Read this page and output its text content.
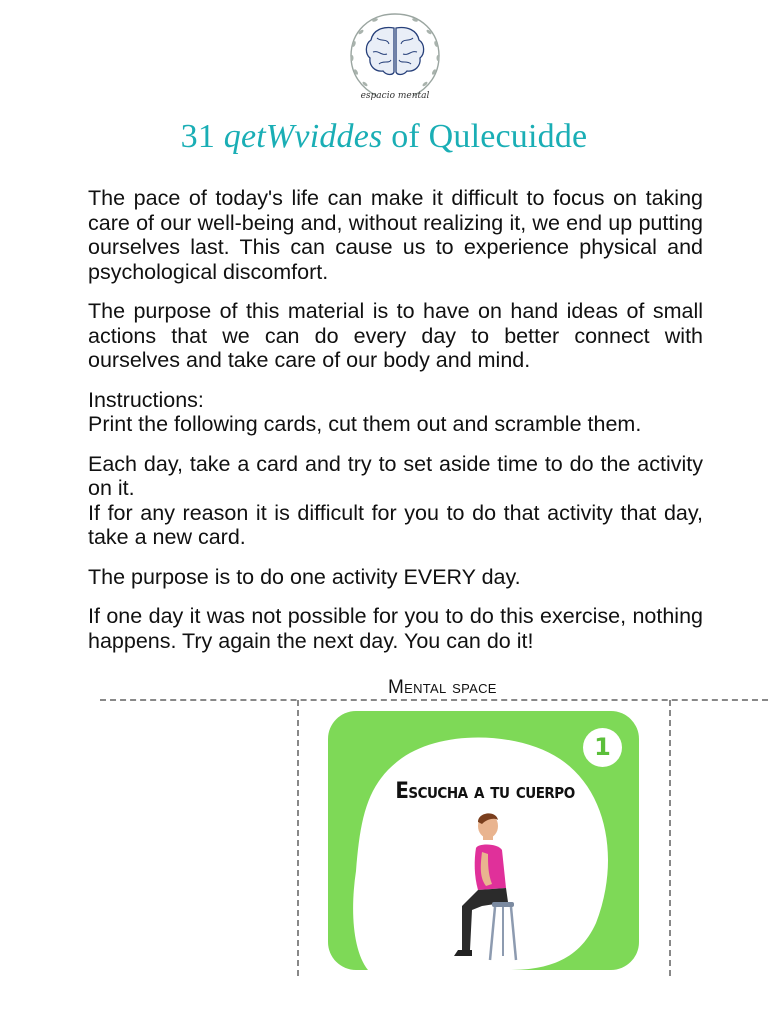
espacio mental
31 qetWviddes of Qulecuidde

The pace of today's life can make it difficult to focus on taking care of our well-being and, without realizing it, we end up putting ourselves last. This can cause us to experience physical and psychological discomfort.

The purpose of this material is to have on hand ideas of small actions that we can do every day to better connect with ourselves and take care of our body and mind.

Instructions:

Print the following cards, cut them out and scramble them.

Each day, take a card and try to set aside time to do the activity on it.

If for any reason it is difficult for you to do that activity that day, take a new card.

The purpose is to do one activity EVERY day.

If one day it was not possible for you to do this exercise, nothing happens. Try again the next day. You can do it!

Mental space
1
Escucha a tu cuerpo
